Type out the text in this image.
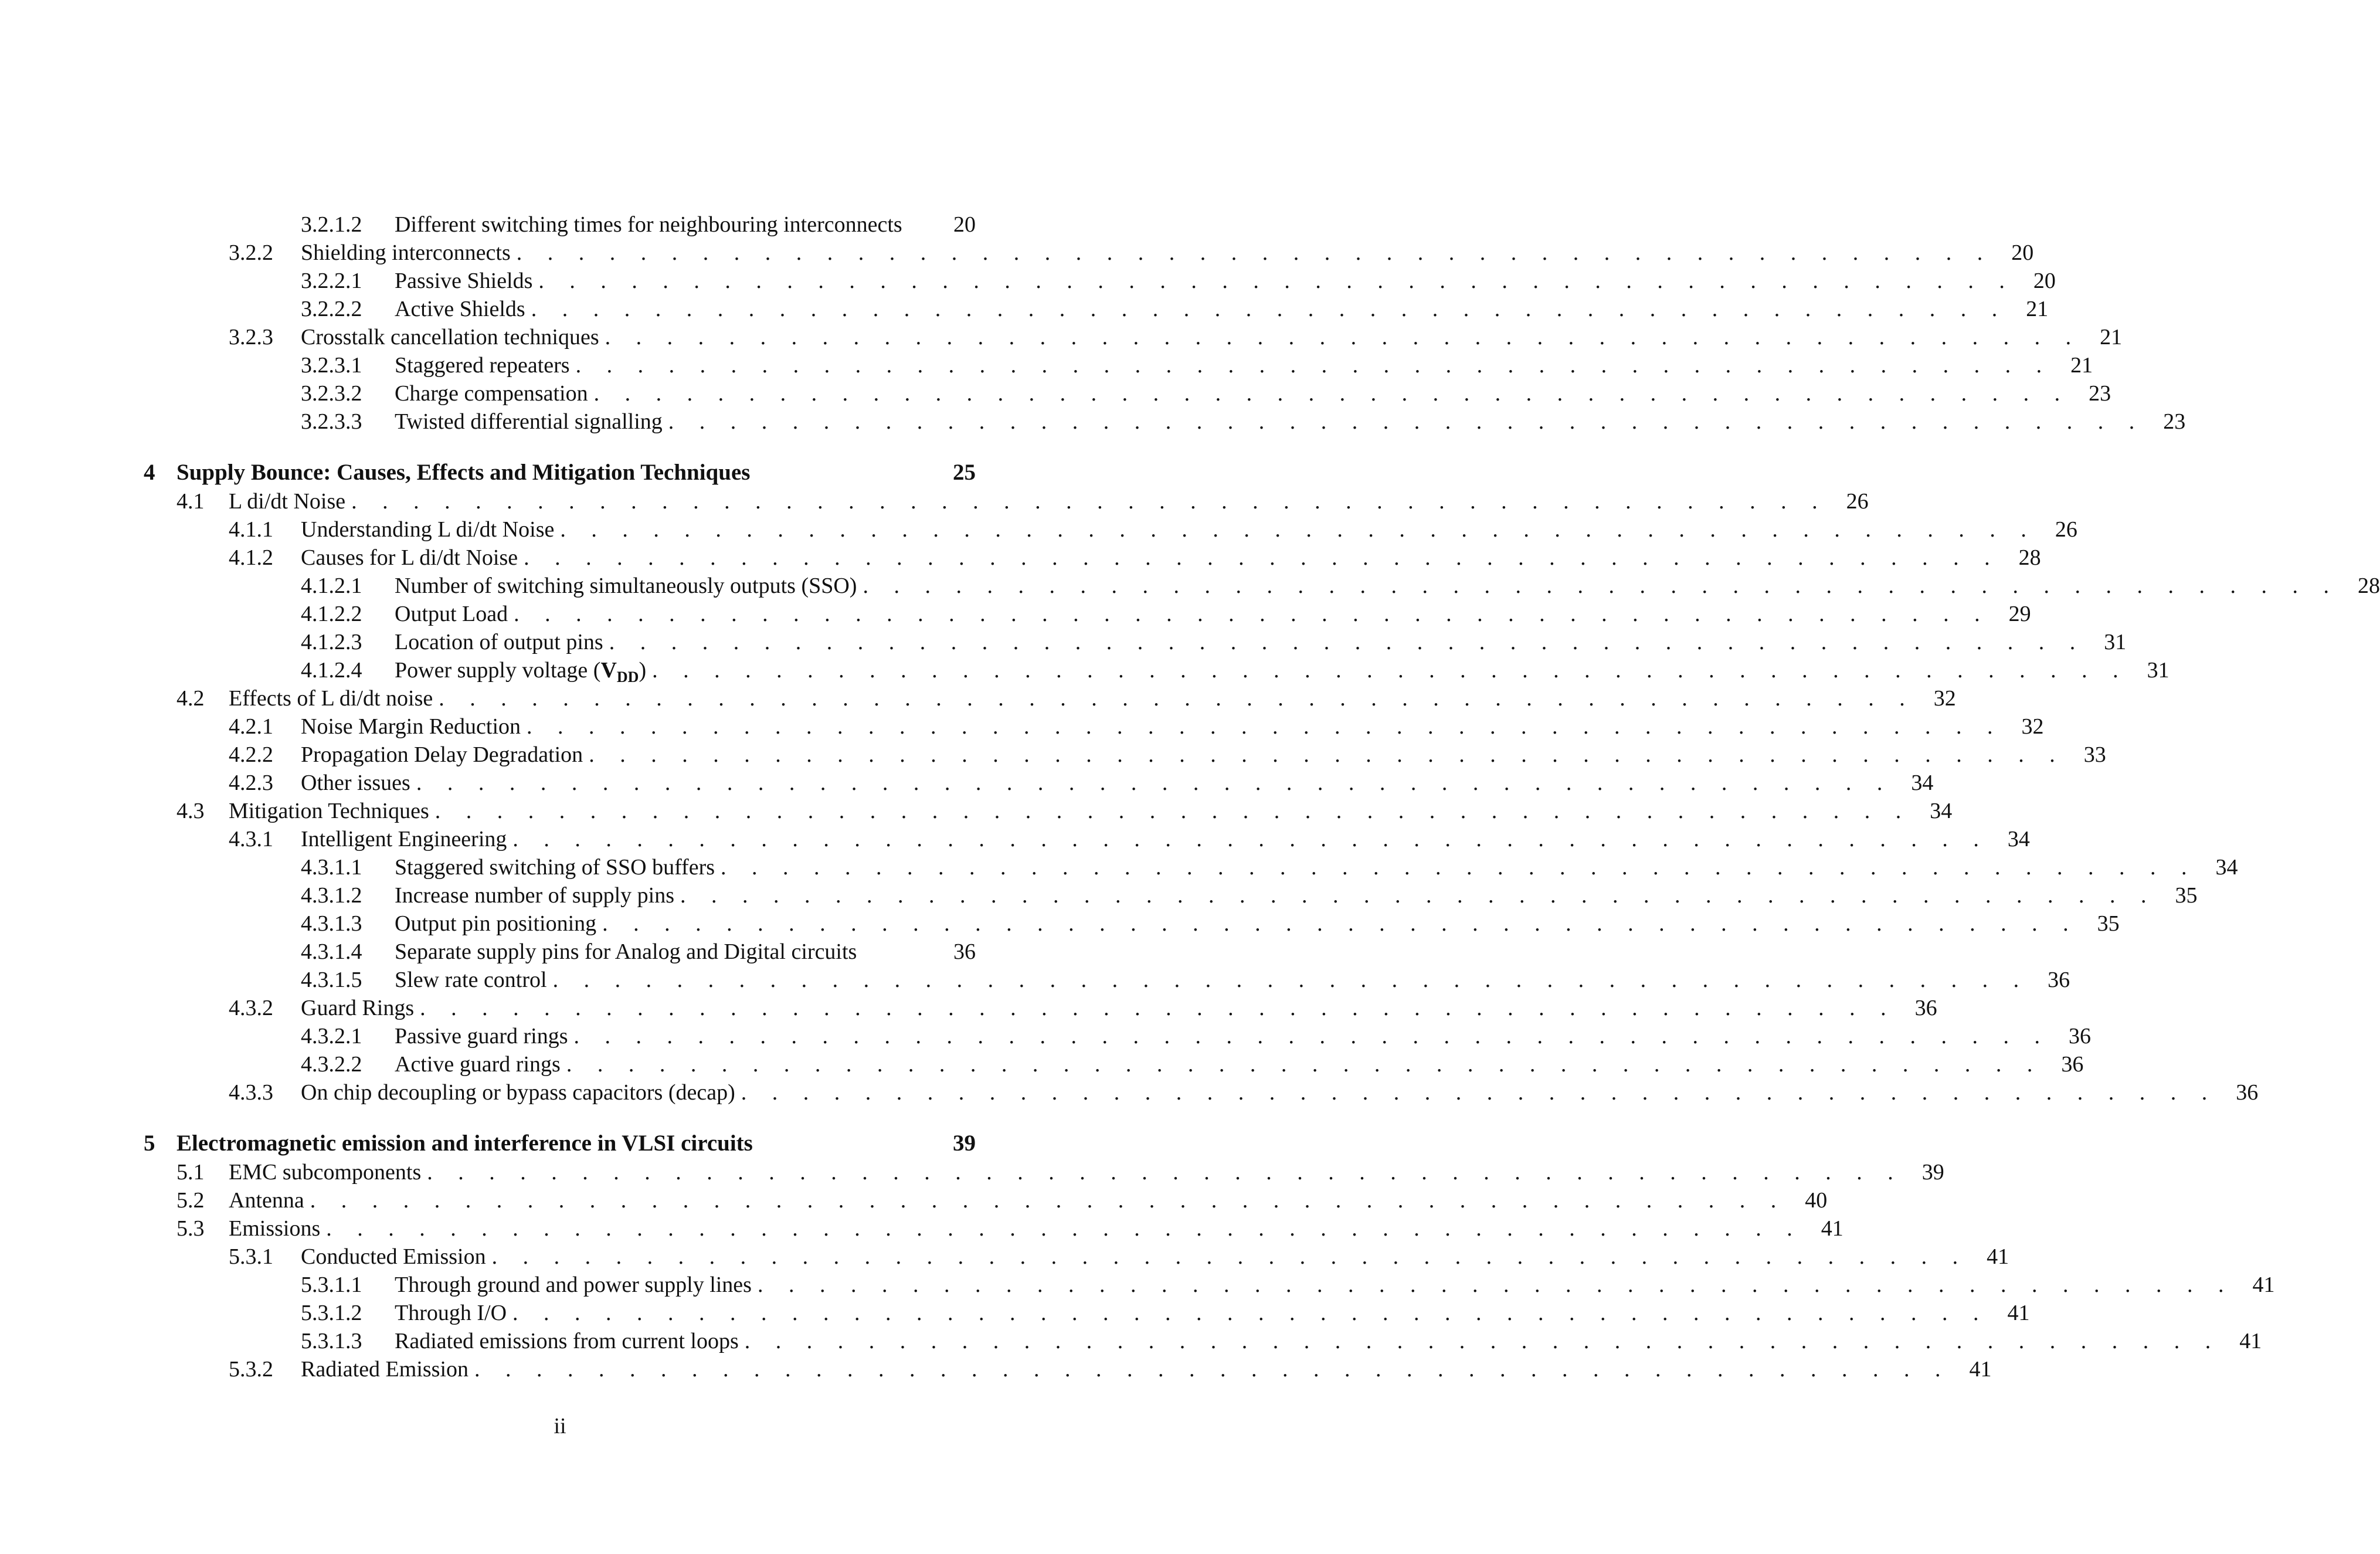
3.2.1.2	Different switching times for neighbouring interconnects	20
3.2.2	Shielding interconnects . . . . . . . . . . . . . . . . . . . . . . . . . . . . . . . . . . . . . . . . . . . . . . . . 20
3.2.2.1	Passive Shields . . . . . . . . . . . . . . . . . . . . . . . . . . . . . . . . . . . . . . . . . . . . . . . . 20
3.2.2.2	Active Shields . . . . . . . . . . . . . . . . . . . . . . . . . . . . . . . . . . . . . . . . . . . . . . . . 21
3.2.3	Crosstalk cancellation techniques . . . . . . . . . . . . . . . . . . . . . . . . . . . . . . . . . . . . . . . . . . . . . . . . 21
3.2.3.1	Staggered repeaters . . . . . . . . . . . . . . . . . . . . . . . . . . . . . . . . . . . . . . . . . . . . . . . . 21
3.2.3.2	Charge compensation . . . . . . . . . . . . . . . . . . . . . . . . . . . . . . . . . . . . . . . . . . . . . . . . 23
3.2.3.3	Twisted differential signalling . . . . . . . . . . . . . . . . . . . . . . . . . . . . . . . . . . . . . . . . . . . . . . . . 23
4 Supply Bounce: Causes, Effects and Mitigation Techniques	25
4.1	L di/dt Noise . . . . . . . . . . . . . . . . . . . . . . . . . . . . . . . . . . . . . . . . . . . . . . . . 26
4.1.1	Understanding L di/dt Noise . . . . . . . . . . . . . . . . . . . . . . . . . . . . . . . . . . . . . . . . . . . . . . . . 26
4.1.2	Causes for L di/dt Noise . . . . . . . . . . . . . . . . . . . . . . . . . . . . . . . . . . . . . . . . . . . . . . . . 28
4.1.2.1	Number of switching simultaneously outputs (SSO) . . . . . . . . . . . . . . . . . . . . . . . . . . . . . . . . . . . . . . . . . . . . . . . . 28
4.1.2.2	Output Load . . . . . . . . . . . . . . . . . . . . . . . . . . . . . . . . . . . . . . . . . . . . . . . . 29
4.1.2.3	Location of output pins . . . . . . . . . . . . . . . . . . . . . . . . . . . . . . . . . . . . . . . . . . . . . . . . 31
4.1.2.4	Power supply voltage $(V_{DD})$ . . . . . . . . . . . . . . . . . . . . . . . . . . . . . . . . . . . . . . . . . . . . . . . . 31
4.2	Effects of L di/dt noise . . . . . . . . . . . . . . . . . . . . . . . . . . . . . . . . . . . . . . . . . . . . . . . . 32
4.2.1	Noise Margin Reduction . . . . . . . . . . . . . . . . . . . . . . . . . . . . . . . . . . . . . . . . . . . . . . . . 32
4.2.2	Propagation Delay Degradation . . . . . . . . . . . . . . . . . . . . . . . . . . . . . . . . . . . . . . . . . . . . . . . . 33
4.2.3	Other issues . . . . . . . . . . . . . . . . . . . . . . . . . . . . . . . . . . . . . . . . . . . . . . . . 34
4.3	Mitigation Techniques . . . . . . . . . . . . . . . . . . . . . . . . . . . . . . . . . . . . . . . . . . . . . . . . 34
4.3.1	Intelligent Engineering . . . . . . . . . . . . . . . . . . . . . . . . . . . . . . . . . . . . . . . . . . . . . . . . 34
4.3.1.1	Staggered switching of SSO buffers . . . . . . . . . . . . . . . . . . . . . . . . . . . . . . . . . . . . . . . . . . . . . . . . 34
4.3.1.2	Increase number of supply pins . . . . . . . . . . . . . . . . . . . . . . . . . . . . . . . . . . . . . . . . . . . . . . . . 35
4.3.1.3	Output pin positioning . . . . . . . . . . . . . . . . . . . . . . . . . . . . . . . . . . . . . . . . . . . . . . . . 35
4.3.1.4	Separate supply pins for Analog and Digital circuits	36
4.3.1.5	Slew rate control . . . . . . . . . . . . . . . . . . . . . . . . . . . . . . . . . . . . . . . . . . . . . . . . 36
4.3.2	Guard Rings . . . . . . . . . . . . . . . . . . . . . . . . . . . . . . . . . . . . . . . . . . . . . . . . 36
4.3.2.1	Passive guard rings . . . . . . . . . . . . . . . . . . . . . . . . . . . . . . . . . . . . . . . . . . . . . . . . 36
4.3.2.2	Active guard rings . . . . . . . . . . . . . . . . . . . . . . . . . . . . . . . . . . . . . . . . . . . . . . . . 36
4.3.3	On chip decoupling or bypass capacitors (decap) . . . . . . . . . . . . . . . . . . . . . . . . . . . . . . . . . . . . . . . . . . . . . . . . 36
5 Electromagnetic emission and interference in VLSI circuits	39
5.1	EMC subcomponents . . . . . . . . . . . . . . . . . . . . . . . . . . . . . . . . . . . . . . . . . . . . . . . . 39
5.2	Antenna . . . . . . . . . . . . . . . . . . . . . . . . . . . . . . . . . . . . . . . . . . . . . . . . 40
5.3	Emissions . . . . . . . . . . . . . . . . . . . . . . . . . . . . . . . . . . . . . . . . . . . . . . . . 41
5.3.1	Conducted Emission . . . . . . . . . . . . . . . . . . . . . . . . . . . . . . . . . . . . . . . . . . . . . . . . 41
5.3.1.1	Through ground and power supply lines . . . . . . . . . . . . . . . . . . . . . . . . . . . . . . . . . . . . . . . . . . . . . . . . 41
5.3.1.2	Through I/O . . . . . . . . . . . . . . . . . . . . . . . . . . . . . . . . . . . . . . . . . . . . . . . . 41
5.3.1.3	Radiated emissions from current loops . . . . . . . . . . . . . . . . . . . . . . . . . . . . . . . . . . . . . . . . . . . . . . . . 41
5.3.2	Radiated Emission . . . . . . . . . . . . . . . . . . . . . . . . . . . . . . . . . . . . . . . . . . . . . . . . 41
ii
